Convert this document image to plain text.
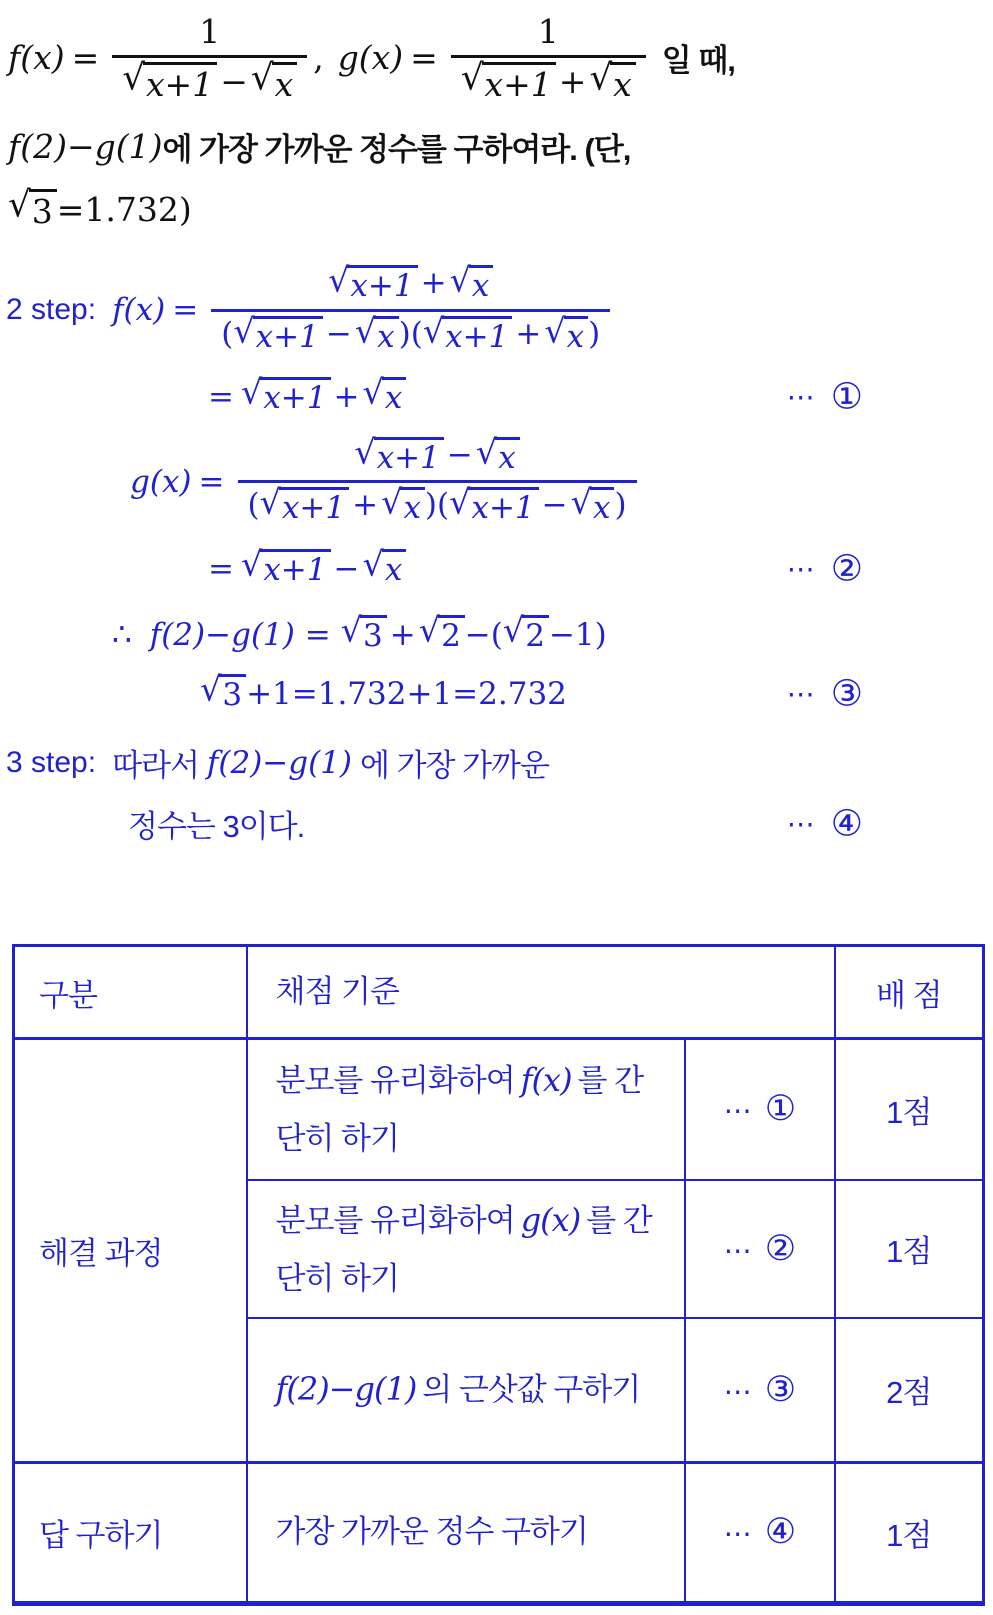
$f(x) = \frac{1}{√ x+1 - √ x}$ , $g(x) = \frac{1}{√ x+1 + √ x}$ 일 때,
f(2)−g(1) 에 가장 가까운 정수를 구하여라. (단,
√ 3 =1.732)
2 step: f(x) =
√ x+1 + √ x
( √ x+1 − √ x ) ( √ x+1 + √ x )
= √ x+1 + √ x	⋯ ①
g(x) =
√ x+1 − √ x
( √ x+1 + √ x ) ( √ x+1 − √ x )
= √ x+1 − √ x	⋯ ②
∴ f(2)−g(1) = √ 3 + √ 2 −( √ 2 −1)
√ 3 +1=1.732+1=2.732	⋯ ③
3 step: 따라서 f(2)−g(1) 에 가장 가까운
정수는 3이다.	⋯ ④
구분	채점 기준		배 점
해결 과정	분모를 유리화하여 f(x) 를 간단히 하기	⋯ ①	1점
	분모를 유리화하여 g(x) 를 간단히 하기	⋯ ②	1점
	f(2)−g(1) 의 근삿값 구하기	⋯ ③	2점
답 구하기	가장 가까운 정수 구하기	⋯ ④	1점
